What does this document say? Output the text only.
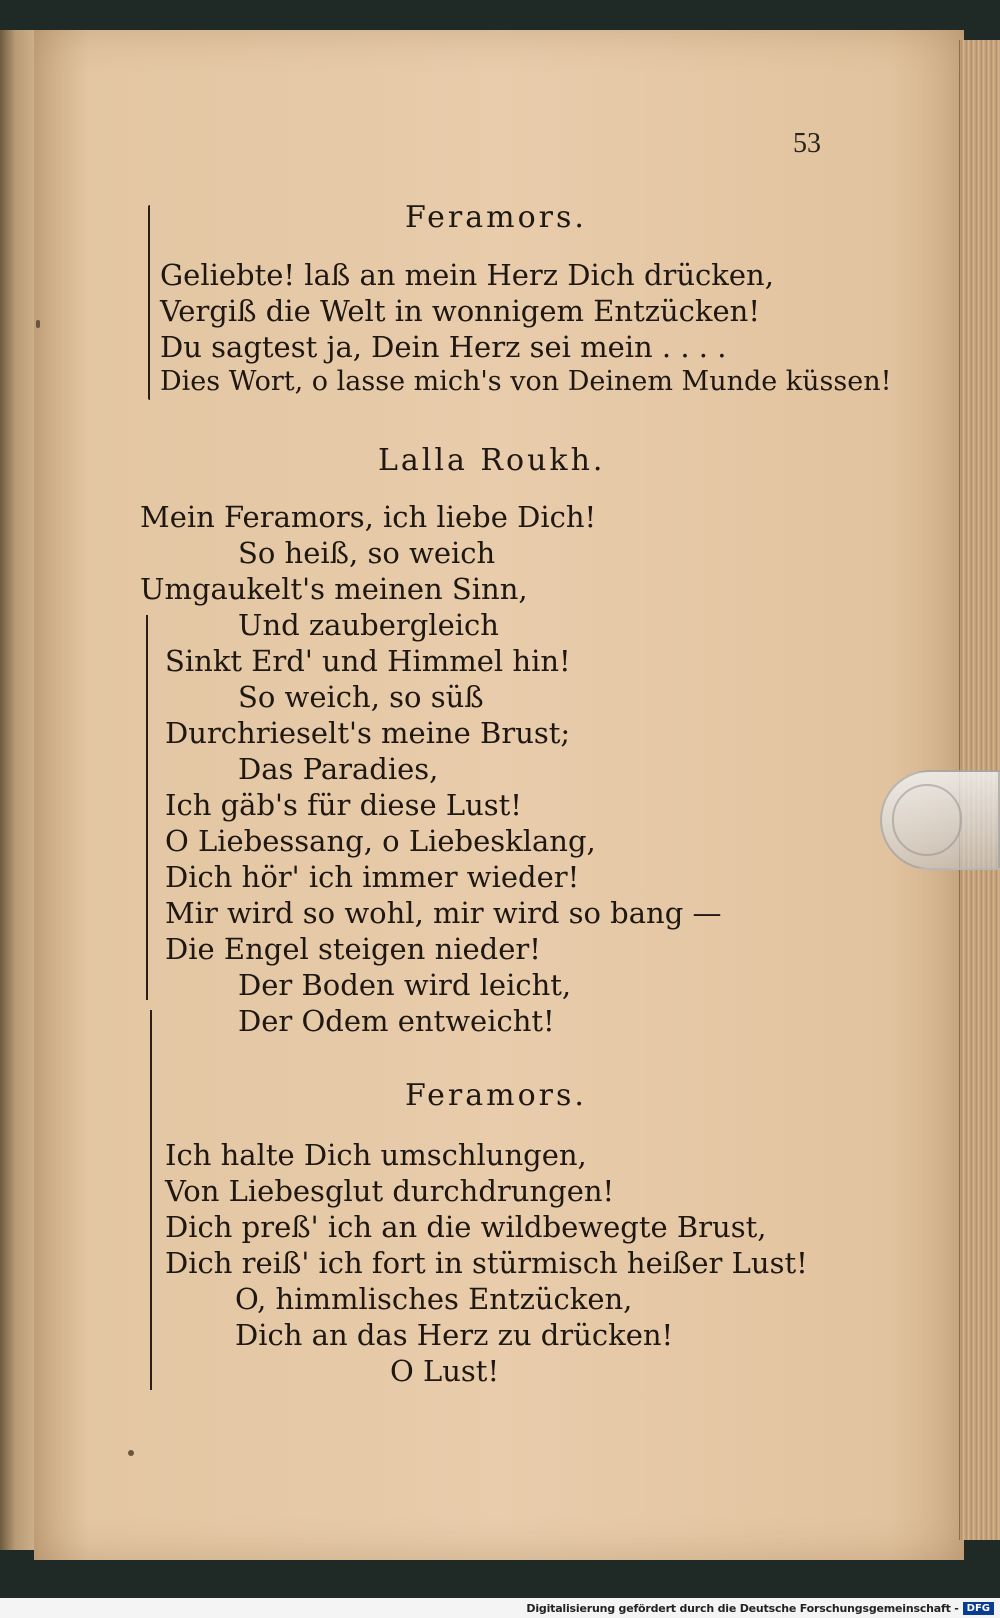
53
Feramors.
Geliebte! laß an mein Herz Dich drücken,
Vergiß die Welt in wonnigem Entzücken!
Du sagtest ja, Dein Herz sei mein . . . .
Dies Wort, o lasse mich's von Deinem Munde küssen!
Lalla Roukh.
Mein Feramors, ich liebe Dich!
So heiß, so weich
Umgaukelt's meinen Sinn,
Und zaubergleich
Sinkt Erd' und Himmel hin!
So weich, so süß
Durchrieselt's meine Brust;
Das Paradies,
Ich gäb's für diese Lust!
O Liebessang, o Liebesklang,
Dich hör' ich immer wieder!
Mir wird so wohl, mir wird so bang —
Die Engel steigen nieder!
Der Boden wird leicht,
Der Odem entweicht!
Feramors.
Ich halte Dich umschlungen,
Von Liebesglut durchdrungen!
Dich preß' ich an die wildbewegte Brust,
Dich reiß' ich fort in stürmisch heißer Lust!
O, himmlisches Entzücken,
Dich an das Herz zu drücken!
O Lust!
Digitalisierung gefördert durch die Deutsche Forschungsgemeinschaft - DFG
